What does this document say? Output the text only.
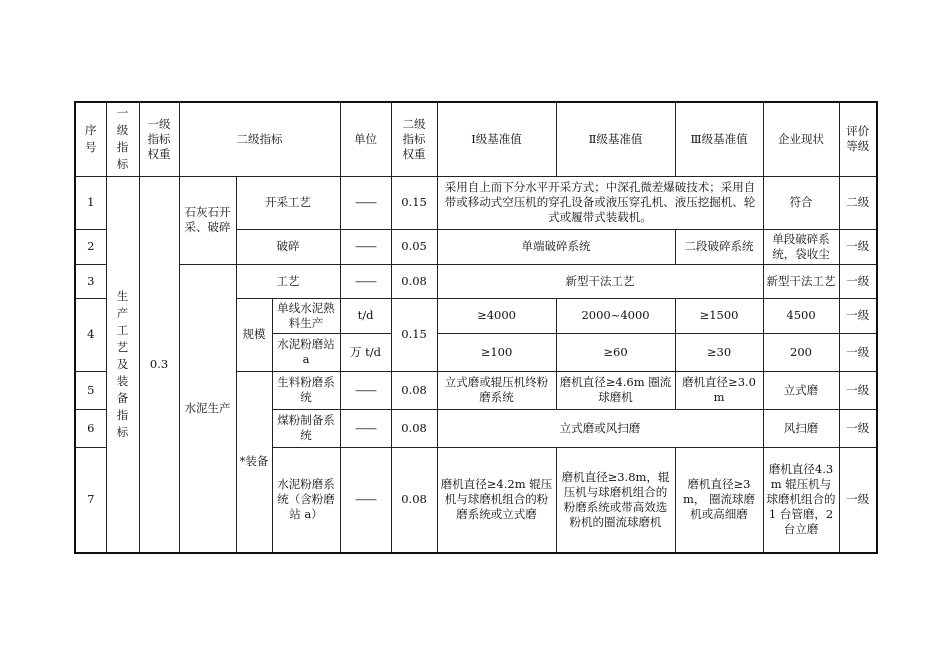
序号	一级指标	一级指标权重	二级指标			单位	二级指标权重	Ⅰ级基准值	Ⅱ级基准值	Ⅲ级基准值	企业现状	评价等级
1	生产工艺及装备指标	0.3	石灰石开采、破碎	开采工艺		——	0.15	采用自上而下分水平开采方式；中深孔微差爆破技术；采用自带或移动式空压机的穿孔设备或液压穿孔机、液压挖掘机、轮式或履带式装载机。			符合	二级
2				破碎		——	0.05	单端破碎系统		二段破碎系统	单段破碎系统，袋收尘	一级
3			水泥生产	工艺		——	0.08	新型干法工艺			新型干法工艺	一级
4				规模	单线水泥熟料生产	t/d	0.15	≥4000	2000~4000	≥1500	4500	一级
					水泥粉磨站 a	万 t/d		≥100	≥60	≥30	200	一级
5				*装备	生料粉磨系统	——	0.08	立式磨或辊压机终粉磨系统	磨机直径≥4.6m 圈流球磨机	磨机直径≥3.0m	立式磨	一级
6					煤粉制备系统	——	0.08	立式磨或风扫磨			风扫磨	一级
7					水泥粉磨系统（含粉磨站 a）	——	0.08	磨机直径≥4.2m 辊压机与球磨机组合的粉磨系统或立式磨	磨机直径≥3.8m，辊压机与球磨机组合的粉磨系统或带高效选粉机的圈流球磨机	磨机直径≥3m， 圈流球磨机或高细磨	磨机直径4.3m 辊压机与球磨机组合的 1 台管磨，2 台立磨	一级
